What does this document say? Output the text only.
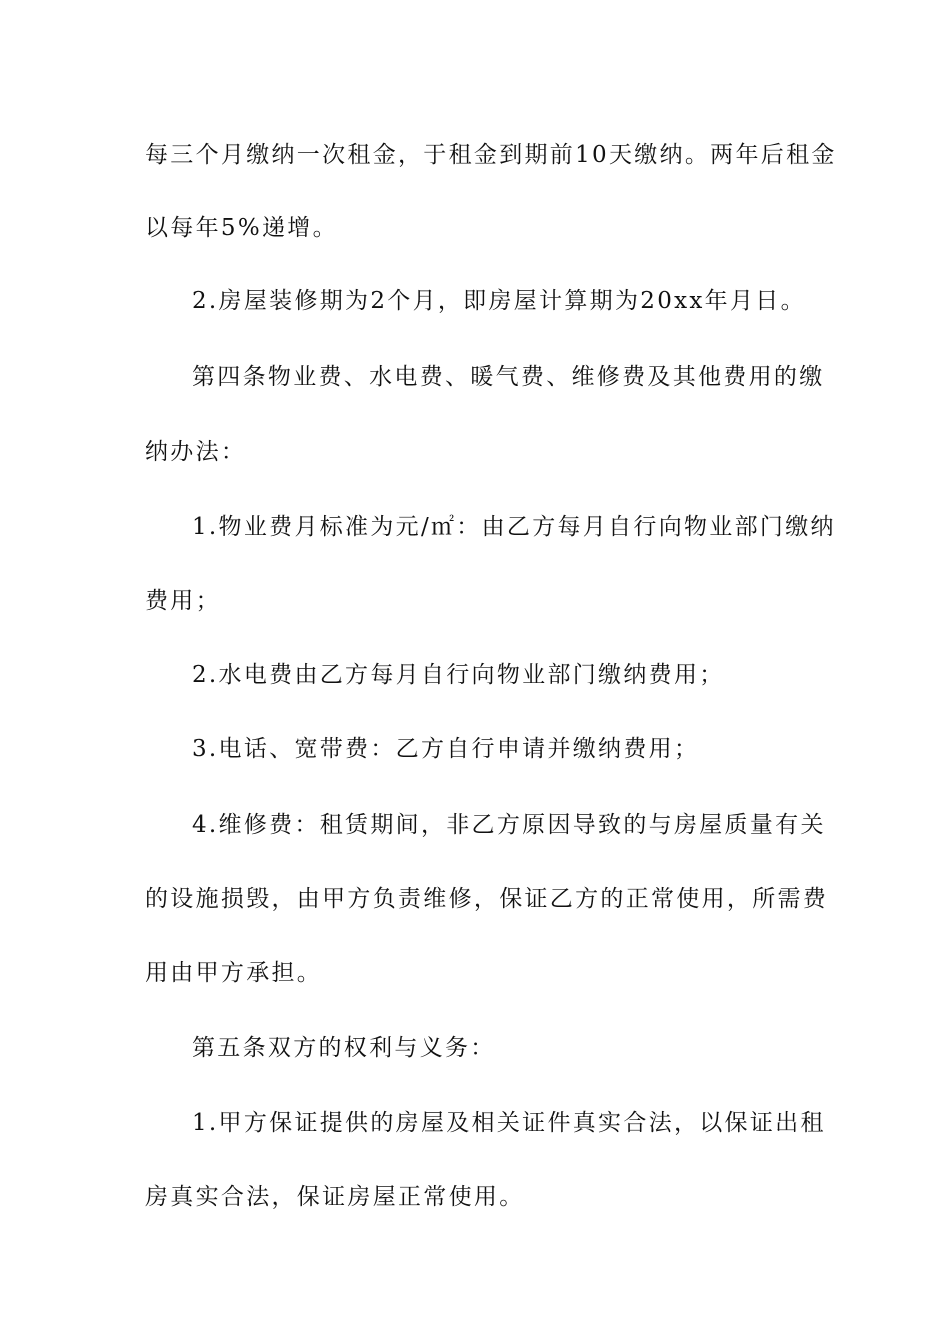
每三个月缴纳一次租金，于租金到期前10天缴纳。两年后租金
以每年5%递增。
2.房屋装修期为2个月，即房屋计算期为20xx年月日。
第四条物业费、水电费、暖气费、维修费及其他费用的缴
纳办法：
1.物业费月标准为元/㎡：由乙方每月自行向物业部门缴纳
费用；
2.水电费由乙方每月自行向物业部门缴纳费用；
3.电话、宽带费：乙方自行申请并缴纳费用；
4.维修费：租赁期间，非乙方原因导致的与房屋质量有关
的设施损毁，由甲方负责维修，保证乙方的正常使用，所需费
用由甲方承担。
第五条双方的权利与义务：
1.甲方保证提供的房屋及相关证件真实合法，以保证出租
房真实合法，保证房屋正常使用。
